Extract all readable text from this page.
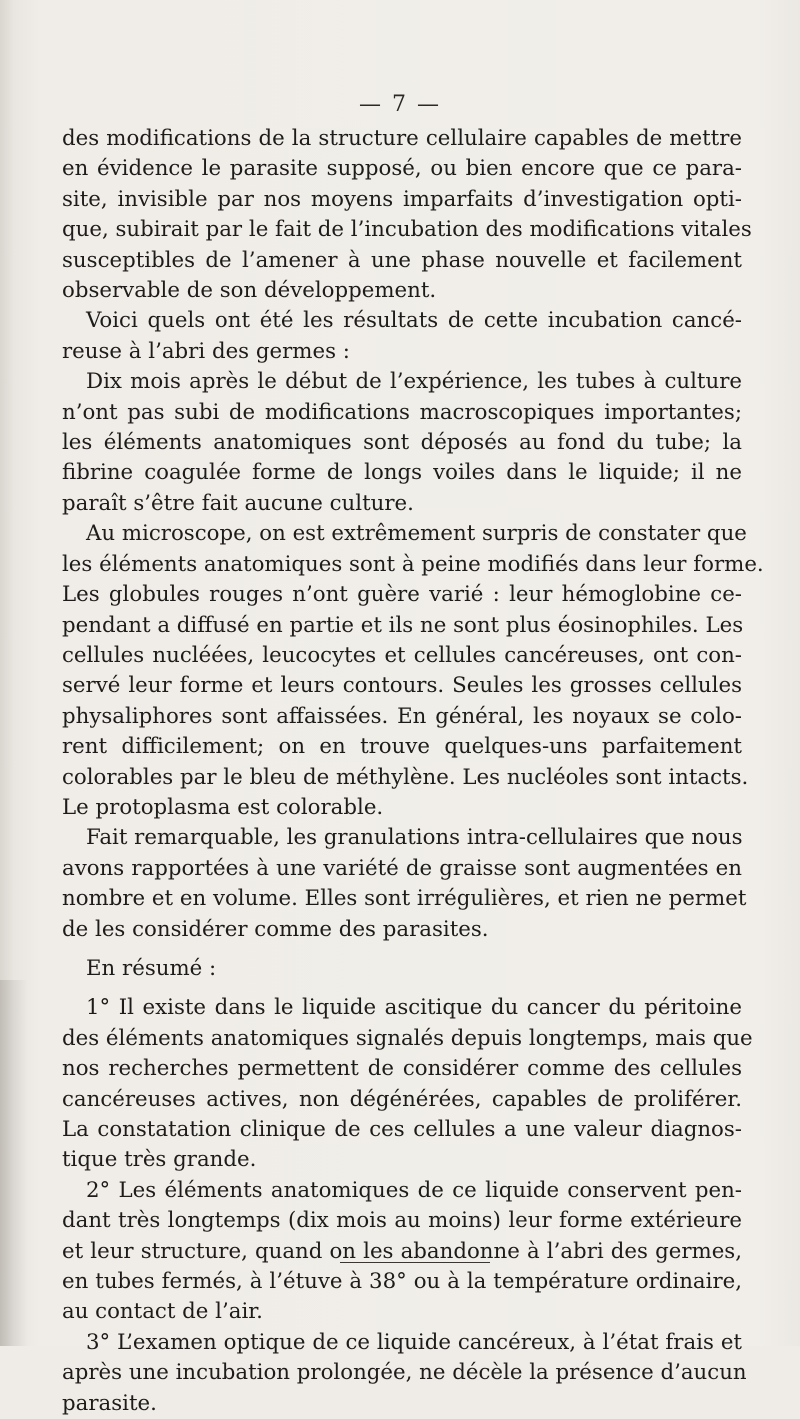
— 7 —
des modifications de la structure cellulaire capables de mettre
en évidence le parasite supposé, ou bien encore que ce para-
site, invisible par nos moyens imparfaits d’investigation opti-
que, subirait par le fait de l’incubation des modifications vitales
susceptibles de l’amener à une phase nouvelle et facilement
observable de son développement.
Voici quels ont été les résultats de cette incubation cancé-
reuse à l’abri des germes :
Dix mois après le début de l’expérience, les tubes à culture
n’ont pas subi de modifications macroscopiques importantes;
les éléments anatomiques sont déposés au fond du tube; la
fibrine coagulée forme de longs voiles dans le liquide; il ne
paraît s’être fait aucune culture.
Au microscope, on est extrêmement surpris de constater que
les éléments anatomiques sont à peine modifiés dans leur forme.
Les globules rouges n’ont guère varié : leur hémoglobine ce-
pendant a diffusé en partie et ils ne sont plus éosinophiles. Les
cellules nucléées, leucocytes et cellules cancéreuses, ont con-
servé leur forme et leurs contours. Seules les grosses cellules
physaliphores sont affaissées. En général, les noyaux se colo-
rent difficilement; on en trouve quelques-uns parfaitement
colorables par le bleu de méthylène. Les nucléoles sont intacts.
Le protoplasma est colorable.
Fait remarquable, les granulations intra-cellulaires que nous
avons rapportées à une variété de graisse sont augmentées en
nombre et en volume. Elles sont irrégulières, et rien ne permet
de les considérer comme des parasites.
En résumé :
1° Il existe dans le liquide ascitique du cancer du péritoine
des éléments anatomiques signalés depuis longtemps, mais que
nos recherches permettent de considérer comme des cellules
cancéreuses actives, non dégénérées, capables de proliférer.
La constatation clinique de ces cellules a une valeur diagnos-
tique très grande.
2° Les éléments anatomiques de ce liquide conservent pen-
dant très longtemps (dix mois au moins) leur forme extérieure
et leur structure, quand on les abandonne à l’abri des germes,
en tubes fermés, à l’étuve à 38° ou à la température ordinaire,
au contact de l’air.
3° L’examen optique de ce liquide cancéreux, à l’état frais et
après une incubation prolongée, ne décèle la présence d’aucun
parasite.
